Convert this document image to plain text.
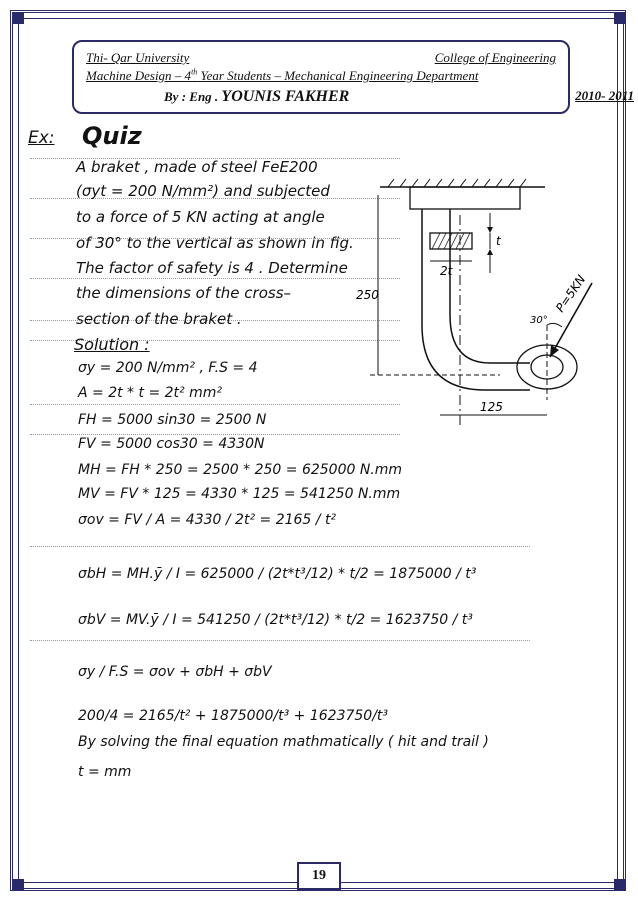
Thi- Qar University	College of Engineering
Machine Design – 4th Year Students – Mechanical Engineering Department
By : Eng . YOUNIS FAKHER	2010- 2011
Ex: Quiz
A braket , made of steel FeE200
(σyt = 200 N/mm²) and subjected
to a force of 5 KN acting at angle
of 30° to the vertical as shown in fig.
The factor of safety is 4 . Determine
the dimensions of the cross–
section of the braket .
t
2t
250
125
30°
P=5KN
Solution :
σy = 200 N/mm² , F.S = 4
A = 2t * t = 2t² mm²
FH = 5000 sin30 = 2500 N
FV = 5000 cos30 = 4330N
MH = FH * 250 = 2500 * 250 = 625000 N.mm
MV = FV * 125 = 4330 * 125 = 541250 N.mm
σov = FV / A = 4330 / 2t² = 2165 / t²
σbH = MH.ȳ / I = 625000 / (2t*t³/12) * t/2 = 1875000 / t³
σbV = MV.ȳ / I = 541250 / (2t*t³/12) * t/2 = 1623750 / t³
σy / F.S = σov + σbH + σbV
200/4 = 2165/t² + 1875000/t³ + 1623750/t³
By solving the final equation mathmatically ( hit and trail )
t = mm
19
